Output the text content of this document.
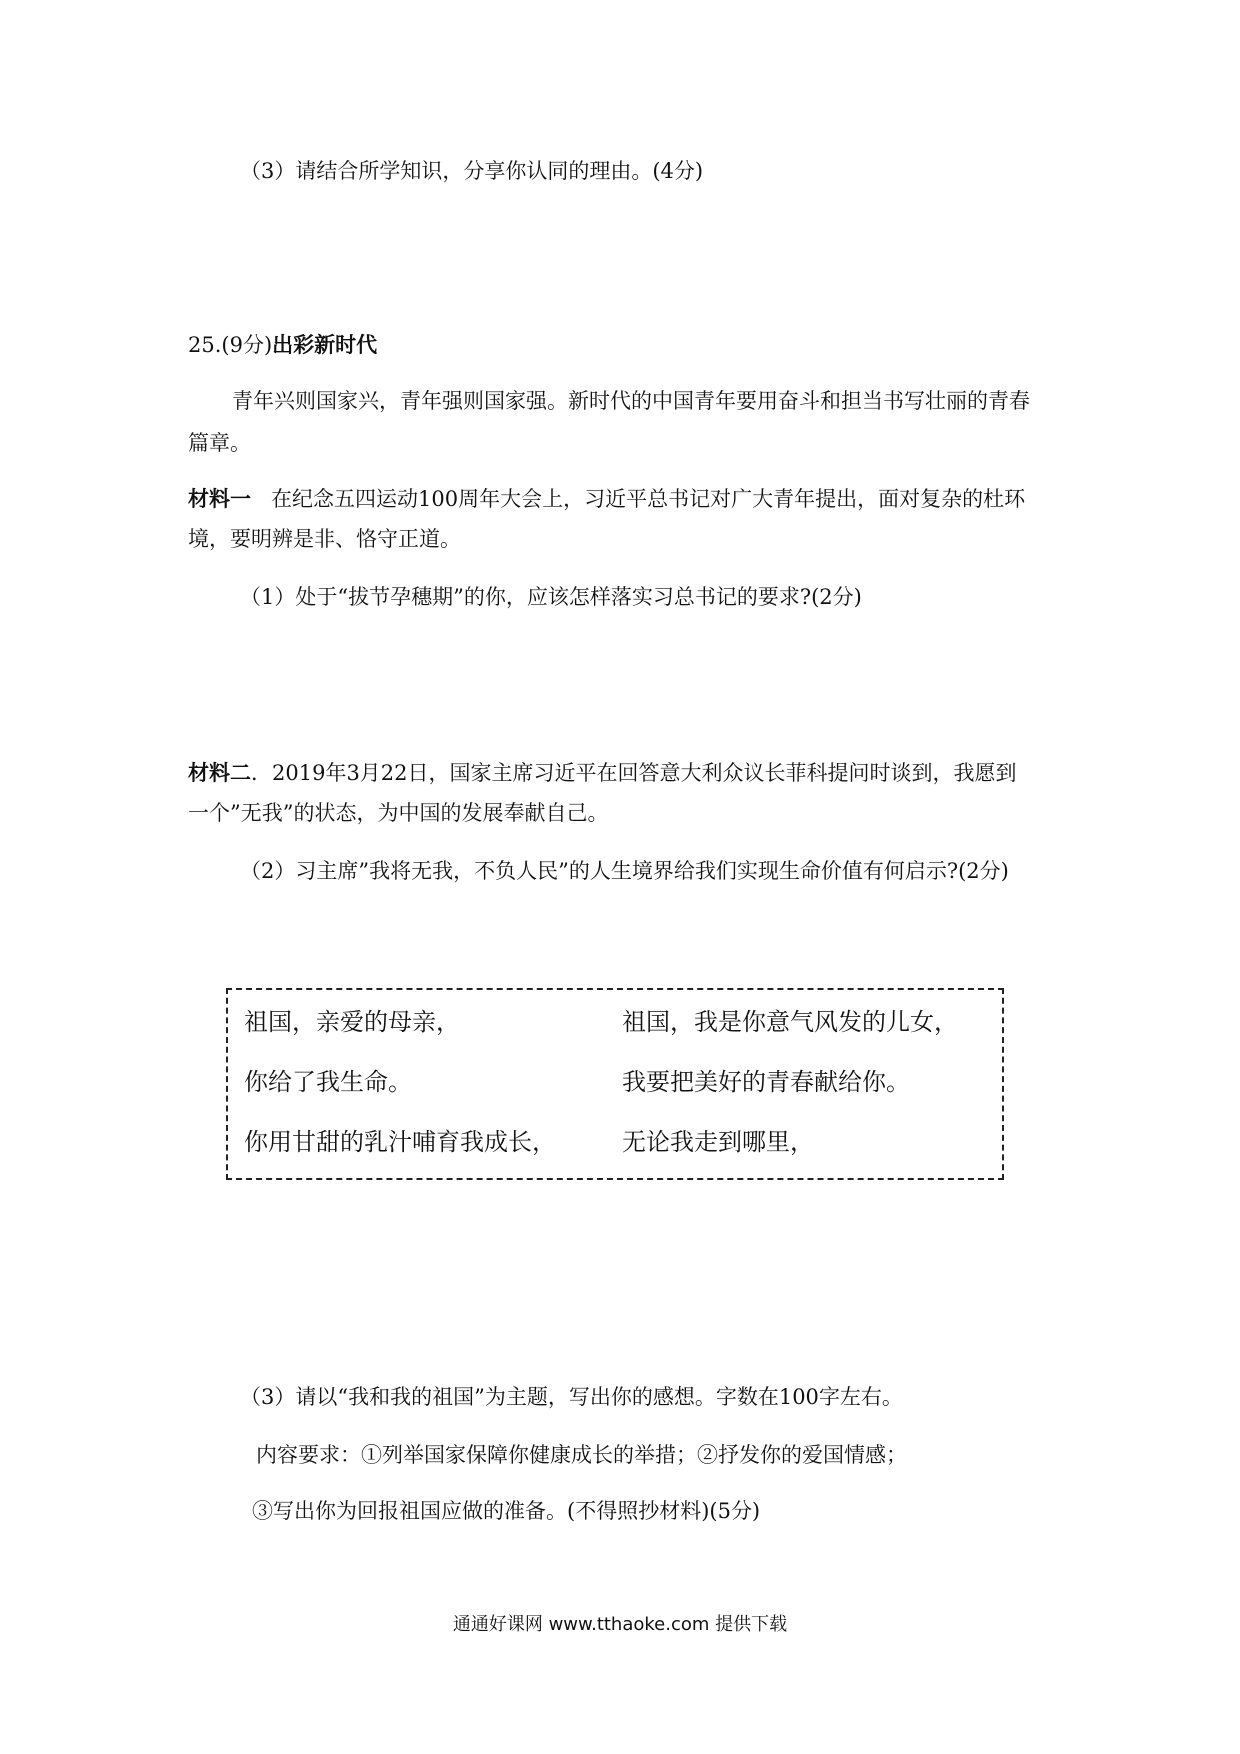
（3）请结合所学知识，分享你认同的理由。(4分)
25.(9分)出彩新时代
青年兴则国家兴，青年强则国家强。新时代的中国青年要用奋斗和担当书写壮丽的青春
篇章。
材料一 在纪念五四运动100周年大会上，习近平总书记对广大青年提出，面对复杂的杜环
境，要明辨是非、恪守正道。
（1）处于“拔节孕穗期”的你，应该怎样落实习总书记的要求?(2分)
材料二．2019年3月22日，国家主席习近平在回答意大利众议长菲科提问时谈到，我愿到
一个”无我”的状态，为中国的发展奉献自己。
（2）习主席”我将无我，不负人民”的人生境界给我们实现生命价值有何启示?(2分)
祖国，亲爱的母亲，
你给了我生命。
你用甘甜的乳汁哺育我成长，
祖国，我是你意气风发的儿女，
我要把美好的青春献给你。
无论我走到哪里，
（3）请以“我和我的祖国”为主题，写出你的感想。字数在100字左右。
内容要求：①列举国家保障你健康成长的举措；②抒发你的爱国情感；
③写出你为回报祖国应做的准备。(不得照抄材料)(5分)
通通好课网 www.tthaoke.com 提供下载
